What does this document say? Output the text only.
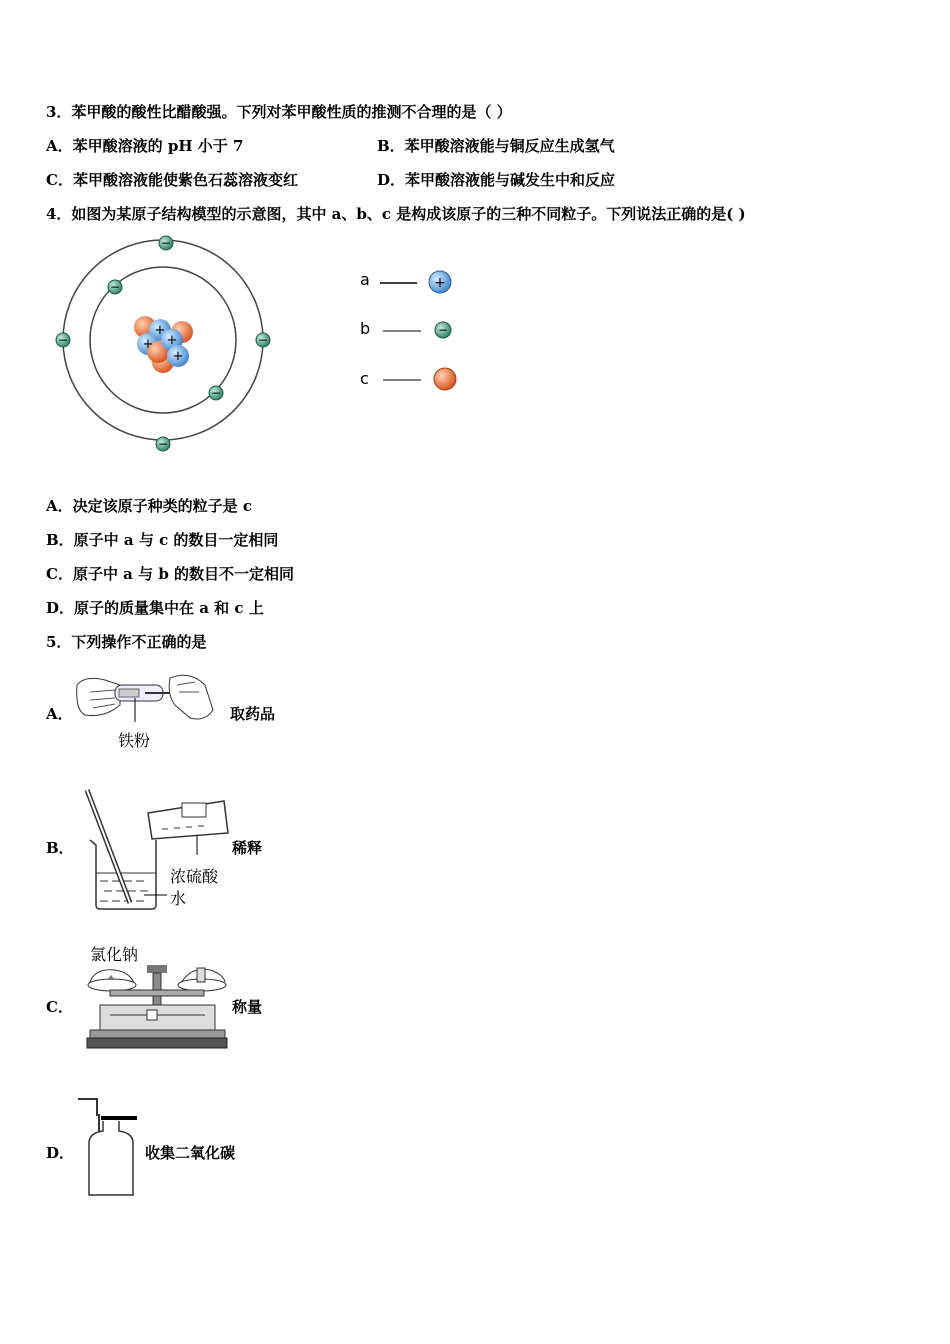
3．苯甲酸的酸性比醋酸强。下列对苯甲酸性质的推测不合理的是（ ）
A．苯甲酸溶液的 pH 小于 7	B．苯甲酸溶液能与铜反应生成氢气
C．苯甲酸溶液能使紫色石蕊溶液变红	D．苯甲酸溶液能与碱发生中和反应
4．如图为某原子结构模型的示意图，其中 a、b、c 是构成该原子的三种不同粒子。下列说法正确的是( )
+
+
+
+
−
−	−
−
−
−
a
b
c
+
−
A．决定该原子种类的粒子是 c
B．原子中 a 与 c 的数目一定相同
C．原子中 a 与 b 的数目不一定相同
D．原子的质量集中在 a 和 c 上
5．下列操作不正确的是
A．
铁粉
取药品
B．	稀释
浓硫酸
水
氯化钠
C．	称量
D．	收集二氧化碳
